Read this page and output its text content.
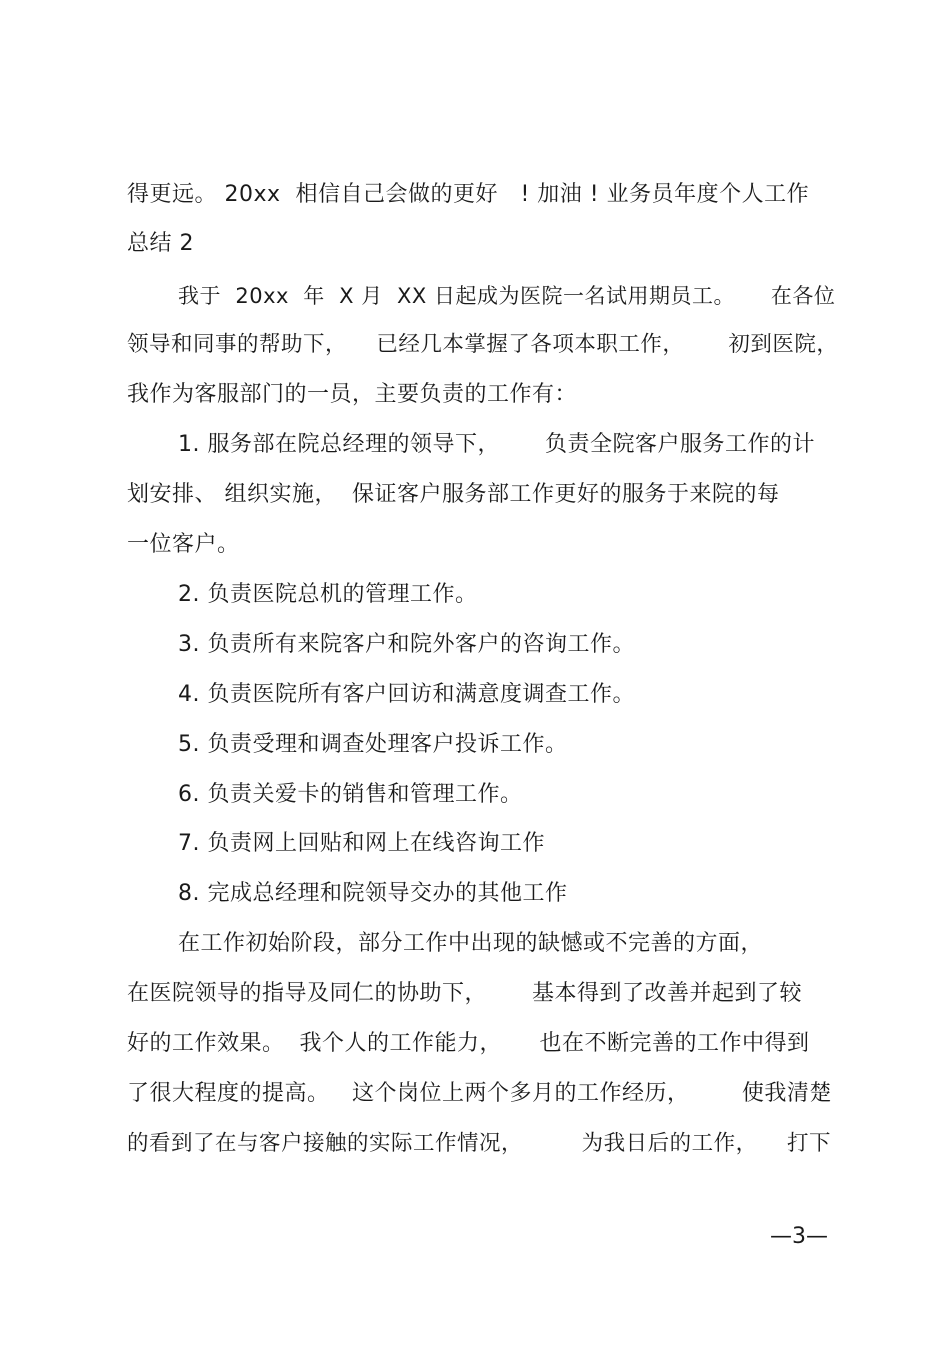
得更远。 20xx  相信自己会做的更好   ! 加油 ! 业务员年度个人工作
总结 2
我于  20xx  年  X 月  XX 日起成为医院一名试用期员工。     在各位
领导和同事的帮助下，    已经几本掌握了各项本职工作，      初到医院，
我作为客服部门的一员，主要负责的工作有：
1. 服务部在院总经理的领导下，      负责全院客户服务工作的计
划安排、 组织实施，  保证客户服务部工作更好的服务于来院的每
一位客户。
2. 负责医院总机的管理工作。
3. 负责所有来院客户和院外客户的咨询工作。
4. 负责医院所有客户回访和满意度调查工作。
5. 负责受理和调查处理客户投诉工作。
6. 负责关爱卡的销售和管理工作。
7. 负责网上回贴和网上在线咨询工作
8. 完成总经理和院领导交办的其他工作
在工作初始阶段，部分工作中出现的缺憾或不完善的方面，
在医院领导的指导及同仁的协助下，      基本得到了改善并起到了较
好的工作效果。  我个人的工作能力，     也在不断完善的工作中得到
了很大程度的提高。   这个岗位上两个多月的工作经历，       使我清楚
的看到了在与客户接触的实际工作情况，        为我日后的工作，    打下
—3—
